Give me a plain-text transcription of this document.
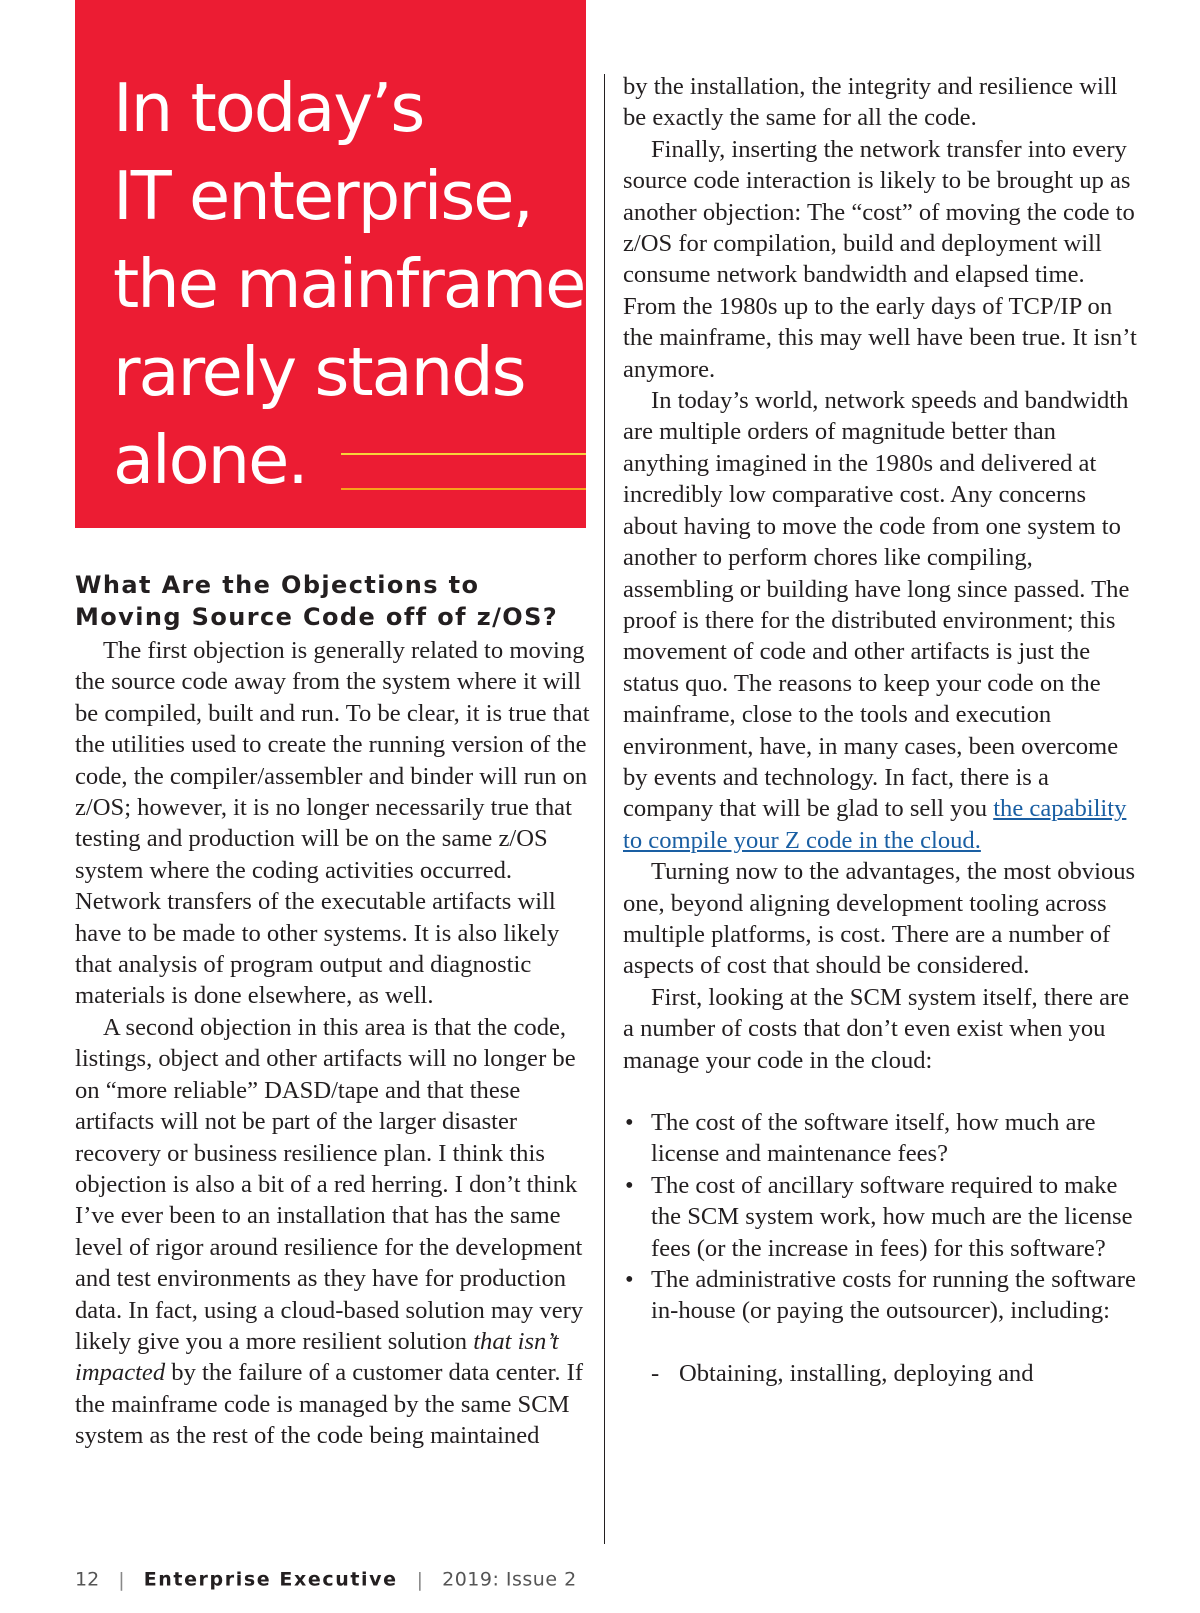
In today’s
IT enterprise,
the mainframe
rarely stands
alone.
What Are the Objections to
Moving Source Code off of z/OS?

The first objection is generally related to moving the source code away from the system where it will be compiled, built and run. To be clear, it is true that the utilities used to create the running version of the code, the compiler/assembler and binder will run on z/OS; however, it is no longer necessarily true that testing and production will be on the same z/OS system where the coding activities occurred. Network transfers of the executable artifacts will have to be made to other systems. It is also likely that analysis of program output and diagnostic materials is done elsewhere, as well.

A second objection in this area is that the code, listings, object and other artifacts will no longer be on “more reliable” DASD/tape and that these artifacts will not be part of the larger disaster recovery or business resilience plan. I think this objection is also a bit of a red herring. I don’t think I’ve ever been to an installation that has the same level of rigor around resilience for the development and test environments as they have for production data. In fact, using a cloud-based solution may very likely give you a more resilient solution that isn’t impacted by the failure of a customer data center. If the mainframe code is managed by the same SCM system as the rest of the code being maintained

by the installation, the integrity and resilience will be exactly the same for all the code.

Finally, inserting the network transfer into every source code interaction is likely to be brought up as another objection: The “cost” of moving the code to z/OS for compilation, build and deployment will consume network bandwidth and elapsed time. From the 1980s up to the early days of TCP/IP on the mainframe, this may well have been true. It isn’t anymore.

In today’s world, network speeds and bandwidth are multiple orders of magnitude better than anything imagined in the 1980s and delivered at incredibly low comparative cost. Any concerns about having to move the code from one system to another to perform chores like compiling, assembling or building have long since passed. The proof is there for the distributed environment; this movement of code and other artifacts is just the status quo. The reasons to keep your code on the mainframe, close to the tools and execution environment, have, in many cases, been overcome by events and technology. In fact, there is a company that will be glad to sell you the capability to compile your Z code in the cloud.

Turning now to the advantages, the most obvious one, beyond aligning development tooling across multiple platforms, is cost. There are a number of aspects of cost that should be considered.

First, looking at the SCM system itself, there are a number of costs that don’t even exist when you manage your code in the cloud:

• The cost of the software itself, how much are license and maintenance fees?
• The cost of ancillary software required to make the SCM system work, how much are the license fees (or the increase in fees) for this software?
• The administrative costs for running the software in-house (or paying the outsourcer), including:
- Obtaining, installing, deploying and
12 | Enterprise Executive | 2019: Issue 2
